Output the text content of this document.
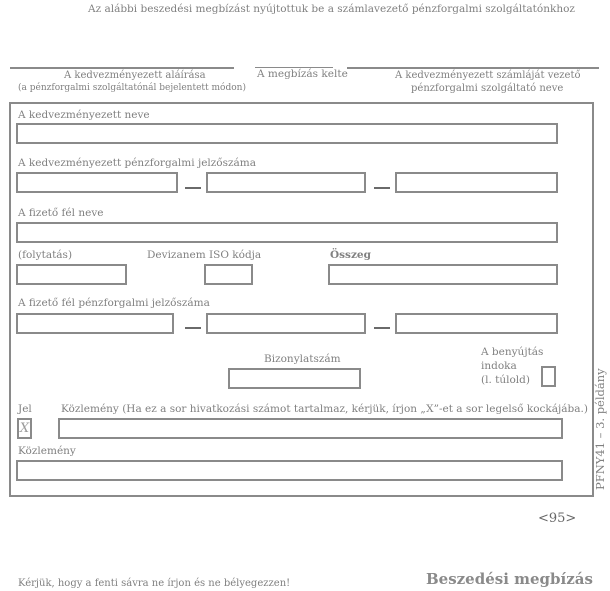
Az alábbi beszedési megbízást nyújtottuk be a számlavezető pénzforgalmi szolgáltatónkhoz
A kedvezményezett aláírása
(a pénzforgalmi szolgáltatónál bejelentett módon)
A megbízás kelte	A kedvezményezett számláját vezető
pénzforgalmi szolgáltató neve
A kedvezményezett neve
A kedvezményezett pénzforgalmi jelzőszáma
A fizető fél neve
(folytatás)	Devizanem ISO kódja	Összeg
A fizető fél pénzforgalmi jelzőszáma
Bizonylatszám
A benyújtás
indoka
(l. túlold)
Jel	Közlemény (Ha ez a sor hivatkozási számot tartalmaz, kérjük, írjon „X”-et a sor legelső kockájába.)
X
Közlemény	PFNY41 – 3. példány
<95>
Kérjük, hogy a fenti sávra ne írjon és ne bélyegezzen!	Beszedési megbízás
